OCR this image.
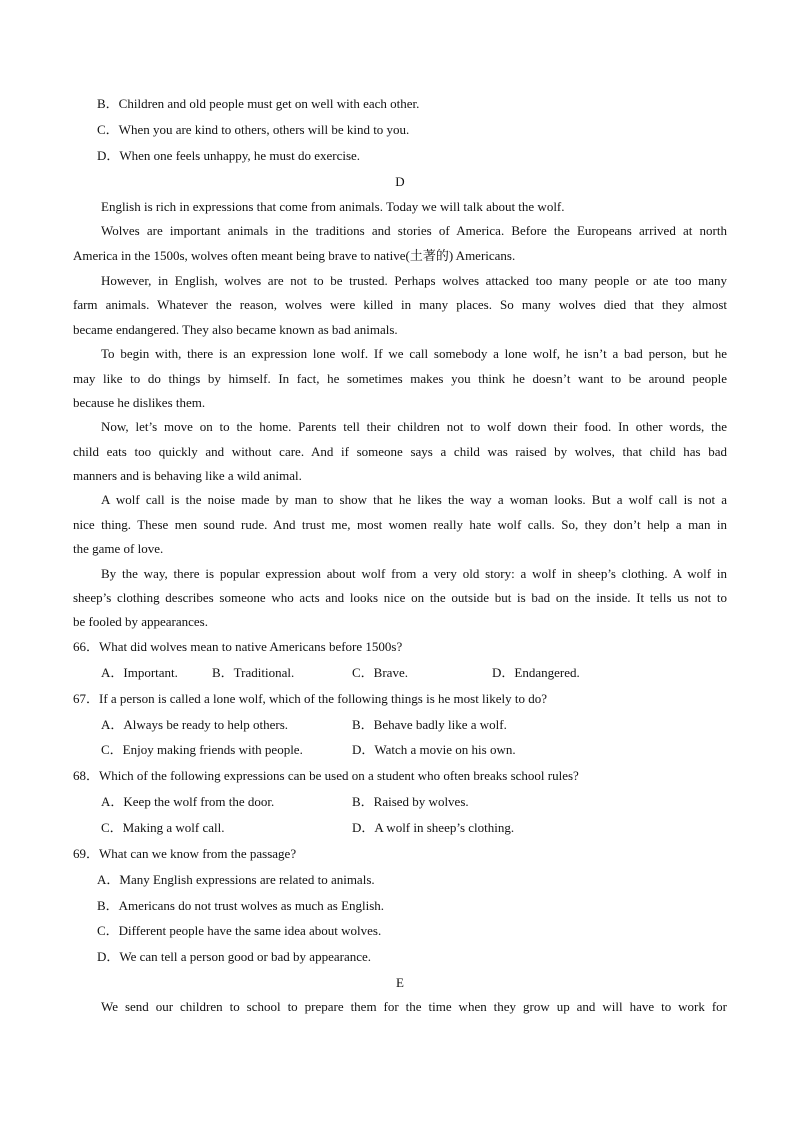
B．Children and old people must get on well with each other.
C．When you are kind to others, others will be kind to you.
D．When one feels unhappy, he must do exercise.
D
English is rich in expressions that come from animals. Today we will talk about the wolf.
Wolves are important animals in the traditions and stories of America. Before the Europeans arrived at north
America in the 1500s, wolves often meant being brave to native(土著的) Americans.
However, in English, wolves are not to be trusted. Perhaps wolves attacked too many people or ate too many
farm animals. Whatever the reason, wolves were killed in many places. So many wolves died that they almost
became endangered. They also became known as bad animals.
To begin with, there is an expression lone wolf. If we call somebody a lone wolf, he isn’t a bad person, but he
may like to do things by himself. In fact, he sometimes makes you think he doesn’t want to be around people
because he dislikes them.
Now, let’s move on to the home. Parents tell their children not to wolf down their food. In other words, the
child eats too quickly and without care. And if someone says a child was raised by wolves, that child has bad
manners and is behaving like a wild animal.
A wolf call is the noise made by man to show that he likes the way a woman looks. But a wolf call is not a
nice thing. These men sound rude. And trust me, most women really hate wolf calls. So, they don’t help a man in
the game of love.
By the way, there is popular expression about wolf from a very old story: a wolf in sheep’s clothing. A wolf in
sheep’s clothing describes someone who acts and looks nice on the outside but is bad on the inside. It tells us not to
be fooled by appearances.
66．What did wolves mean to native Americans before 1500s?
A．Important.	B．Traditional.	C．Brave.	D．Endangered.
67．If a person is called a lone wolf, which of the following things is he most likely to do?
A．Always be ready to help others.	B．Behave badly like a wolf.
C．Enjoy making friends with people.	D．Watch a movie on his own.
68．Which of the following expressions can be used on a student who often breaks school rules?
A．Keep the wolf from the door.	B．Raised by wolves.
C．Making a wolf call.	D．A wolf in sheep’s clothing.
69．What can we know from the passage?
A．Many English expressions are related to animals.
B．Americans do not trust wolves as much as English.
C．Different people have the same idea about wolves.
D．We can tell a person good or bad by appearance.
E
We send our children to school to prepare them for the time when they grow up and will have to work for
